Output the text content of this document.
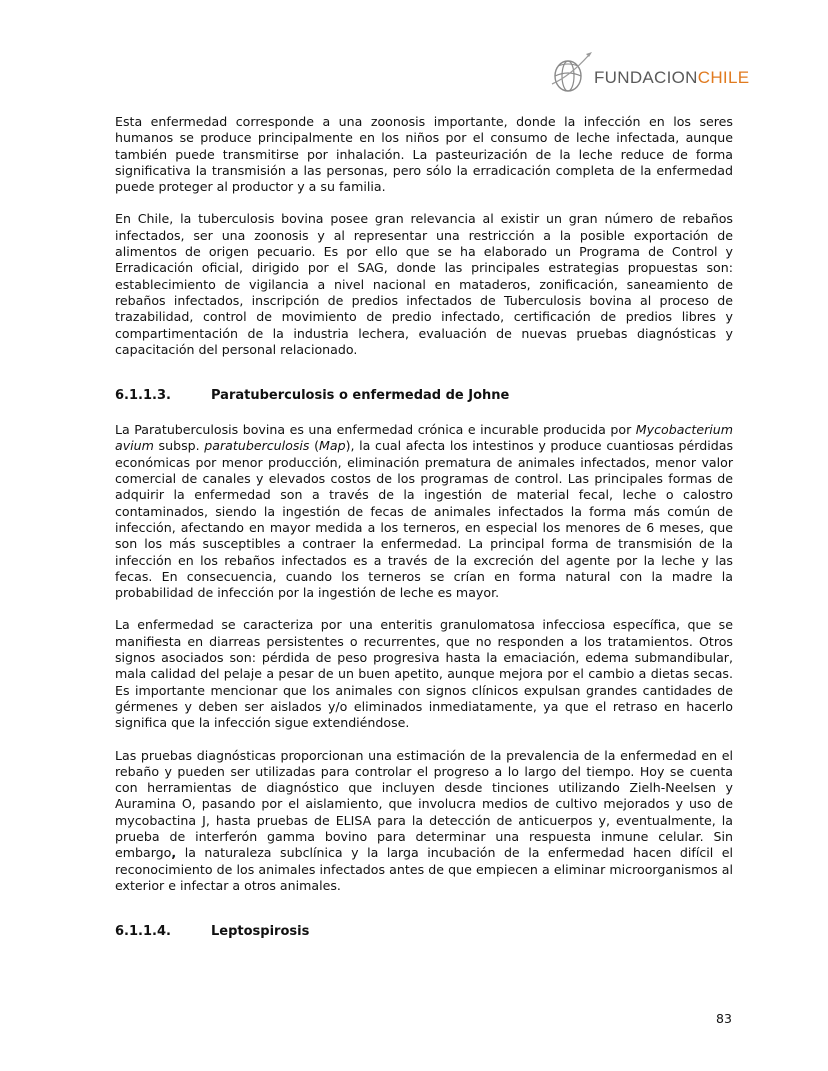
FUNDACIONCHILE

Esta enfermedad corresponde a una zoonosis importante, donde la infección en los seres humanos se produce principalmente en los niños por el consumo de leche infectada, aunque también puede transmitirse por inhalación. La pasteurización de la leche reduce de forma significativa la transmisión a las personas, pero sólo la erradicación completa de la enfermedad puede proteger al productor y a su familia.

En Chile, la tuberculosis bovina posee gran relevancia al existir un gran número de rebaños infectados, ser una zoonosis y al representar una restricción a la posible exportación de alimentos de origen pecuario. Es por ello que se ha elaborado un Programa de Control y Erradicación oficial, dirigido por el SAG, donde las principales estrategias propuestas son: establecimiento de vigilancia a nivel nacional en mataderos, zonificación, saneamiento de rebaños infectados, inscripción de predios infectados de Tuberculosis bovina al proceso de trazabilidad, control de movimiento de predio infectado, certificación de predios libres y compartimentación de la industria lechera, evaluación de nuevas pruebas diagnósticas y capacitación del personal relacionado.

6.1.1.3.	Paratuberculosis o enfermedad de Johne

La Paratuberculosis bovina es una enfermedad crónica e incurable producida por Mycobacterium avium subsp. paratuberculosis (Map), la cual afecta los intestinos y produce cuantiosas pérdidas económicas por menor producción, eliminación prematura de animales infectados, menor valor comercial de canales y elevados costos de los programas de control. Las principales formas de adquirir la enfermedad son a través de la ingestión de material fecal, leche o calostro contaminados, siendo la ingestión de fecas de animales infectados la forma más común de infección, afectando en mayor medida a los terneros, en especial los menores de 6 meses, que son los más susceptibles a contraer la enfermedad. La principal forma de transmisión de la infección en los rebaños infectados es a través de la excreción del agente por la leche y las fecas. En consecuencia, cuando los terneros se crían en forma natural con la madre la probabilidad de infección por la ingestión de leche es mayor.

La enfermedad se caracteriza por una enteritis granulomatosa infecciosa específica, que se manifiesta en diarreas persistentes o recurrentes, que no responden a los tratamientos. Otros signos asociados son: pérdida de peso progresiva hasta la emaciación, edema submandibular, mala calidad del pelaje a pesar de un buen apetito, aunque mejora por el cambio a dietas secas. Es importante mencionar que los animales con signos clínicos expulsan grandes cantidades de gérmenes y deben ser aislados y/o eliminados inmediatamente, ya que el retraso en hacerlo significa que la infección sigue extendiéndose.

Las pruebas diagnósticas proporcionan una estimación de la prevalencia de la enfermedad en el rebaño y pueden ser utilizadas para controlar el progreso a lo largo del tiempo. Hoy se cuenta con herramientas de diagnóstico que incluyen desde tinciones utilizando Zielh-Neelsen y Auramina O, pasando por el aislamiento, que involucra medios de cultivo mejorados y uso de mycobactina J, hasta pruebas de ELISA para la detección de anticuerpos y, eventualmente, la prueba de interferón gamma bovino para determinar una respuesta inmune celular. Sin embargo, la naturaleza subclínica y la larga incubación de la enfermedad hacen difícil el reconocimiento de los animales infectados antes de que empiecen a eliminar microorganismos al exterior e infectar a otros animales.

6.1.1.4.	Leptospirosis
83
